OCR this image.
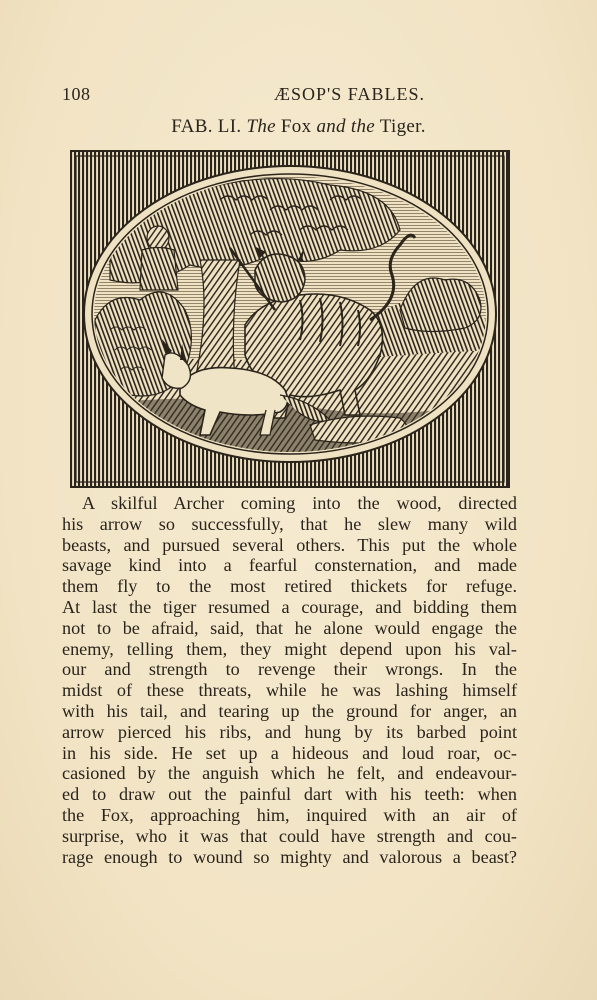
108	ÆSOP'S FABLES.
FAB. LI. The Fox and the Tiger.
A skilful Archer coming into the wood, directed
his arrow so successfully, that he slew many wild
beasts, and pursued several others. This put the whole
savage kind into a fearful consternation, and made
them fly to the most retired thickets for refuge.
At last the tiger resumed a courage, and bidding them
not to be afraid, said, that he alone would engage the
enemy, telling them, they might depend upon his val-
our and strength to revenge their wrongs. In the
midst of these threats, while he was lashing himself
with his tail, and tearing up the ground for anger, an
arrow pierced his ribs, and hung by its barbed point
in his side. He set up a hideous and loud roar, oc-
casioned by the anguish which he felt, and endeavour-
ed to draw out the painful dart with his teeth: when
the Fox, approaching him, inquired with an air of
surprise, who it was that could have strength and cou-
rage enough to wound so mighty and valorous a beast?
